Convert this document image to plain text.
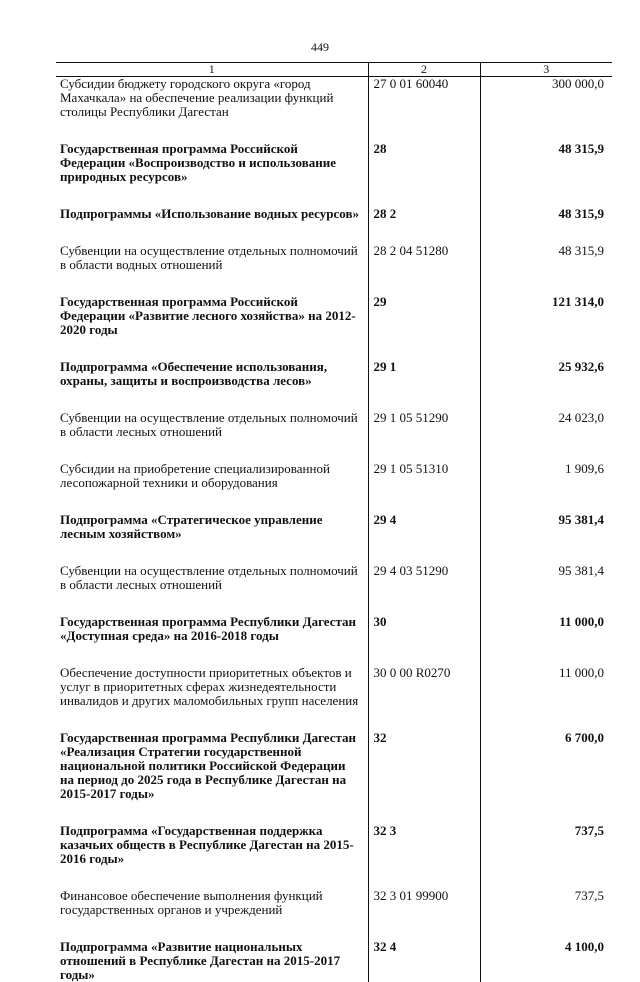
449
1	2	3
Субсидии бюджету городского округа «город Махачкала» на обеспечение реализации функций столицы Республики Дагестан	27 0 01 60040	300 000,0

Государственная программа Российской Федерации «Воспроизводство и использование природных ресурсов»	28	48 315,9

Подпрограммы «Использование водных ресурсов»	28 2	48 315,9

Субвенции на осуществление отдельных полномочий в области водных отношений	28 2 04 51280	48 315,9

Государственная программа Российской Федерации «Развитие лесного хозяйства» на 2012-2020 годы	29	121 314,0

Подпрограмма «Обеспечение использования, охраны, защиты и воспроизводства лесов»	29 1	25 932,6

Субвенции на осуществление отдельных полномочий в области лесных отношений	29 1 05 51290	24 023,0

Субсидии на приобретение специализированной лесопожарной техники и оборудования	29 1 05 51310	1 909,6

Подпрограмма «Стратегическое управление лесным хозяйством»	29 4	95 381,4

Субвенции на осуществление отдельных полномочий в области лесных отношений	29 4 03 51290	95 381,4

Государственная программа Республики Дагестан «Доступная среда» на 2016-2018 годы	30	11 000,0

Обеспечение доступности приоритетных объектов и услуг в приоритетных сферах жизнедеятельности инвалидов и других маломобильных групп населения	30 0 00 R0270	11 000,0

Государственная программа Республики Дагестан «Реализация Стратегии государственной национальной политики Российской Федерации на период до 2025 года в Республике Дагестан на 2015-2017 годы»	32	6 700,0

Подпрограмма «Государственная поддержка казачьих обществ в Республике Дагестан на 2015-2016 годы»	32 3	737,5

Финансовое обеспечение выполнения функций государственных органов и учреждений	32 3 01 99900	737,5

Подпрограмма «Развитие национальных отношений в Республике Дагестан на 2015-2017 годы»	32 4	4 100,0
